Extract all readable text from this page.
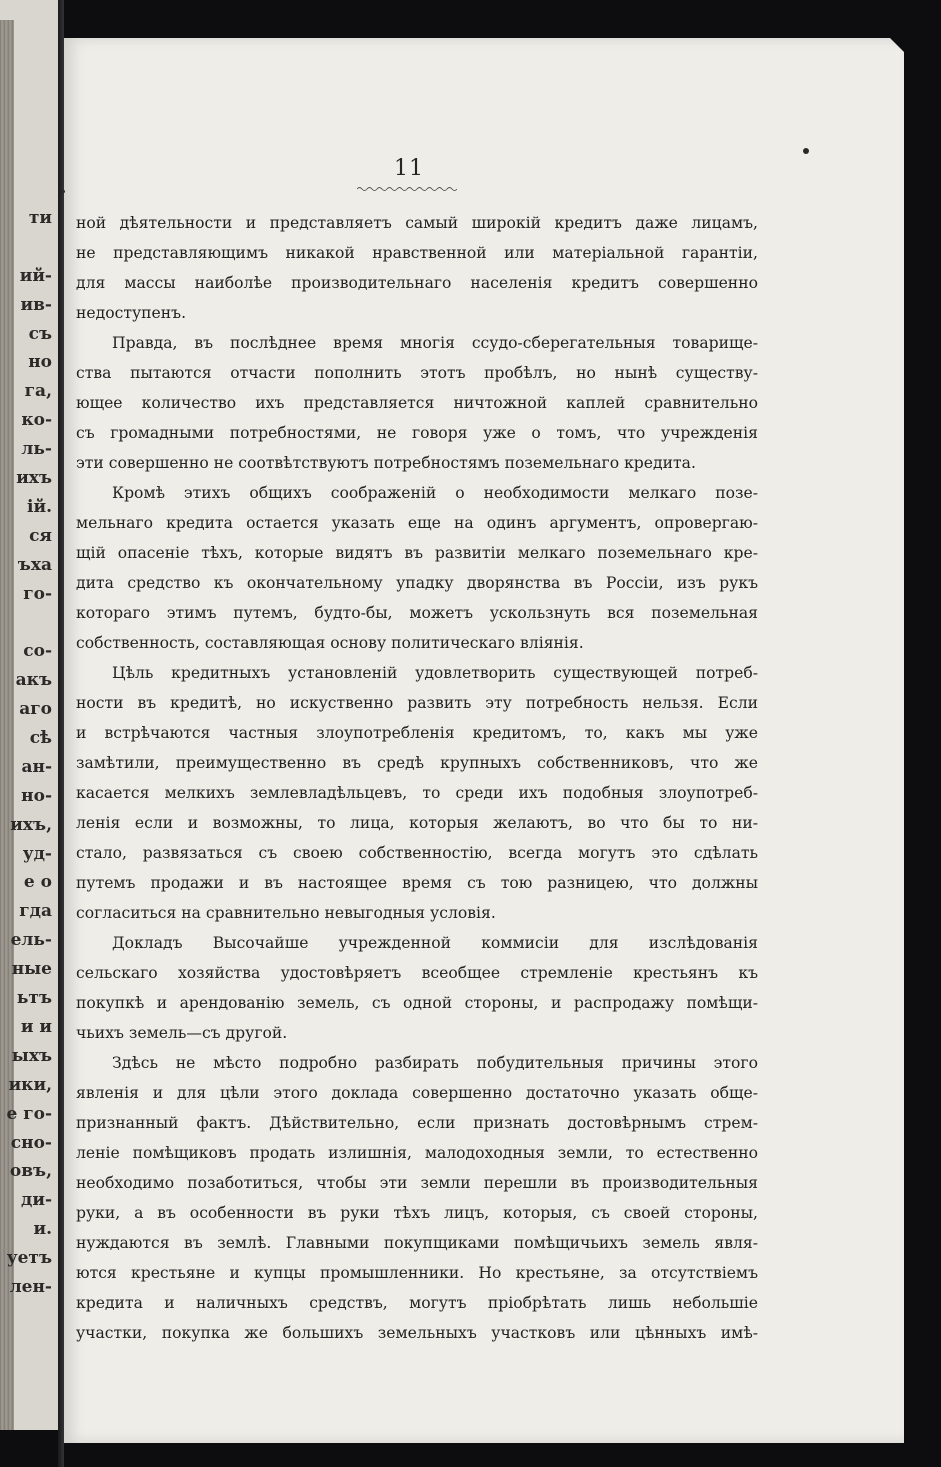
ти
ий-
ив-
съ
но
га,
ко-
ль-
ихъ
ій.
ся
ъха
го-
со-
акъ
аго
сѣ
ан-
но-
ихъ,
уд-
е о
гда
ель-
ные
ьтъ
и и
ыхъ
ики,
е го-
сно-
овъ,
ди-
и.
уетъ
лен-
11
ной дѣятельности и представляетъ самый широкій кредитъ даже лицамъ,
не представляющимъ никакой нравственной или матеріальной гарантіи,
для массы наиболѣе производительнаго населенія кредитъ совершенно
недоступенъ.
Правда, въ послѣднее время многія ссудо-сберегательныя товарище-
ства пытаются отчасти пополнить этотъ пробѣлъ, но нынѣ существу-
ющее количество ихъ представляется ничтожной каплей сравнительно
съ громадными потребностями, не говоря уже о томъ, что учрежденія
эти совершенно не соотвѣтствуютъ потребностямъ поземельнаго кредита.
Кромѣ этихъ общихъ соображеній о необходимости мелкаго позе-
мельнаго кредита остается указать еще на одинъ аргументъ, опровергаю-
щій опасеніе тѣхъ, которые видятъ въ развитіи мелкаго поземельнаго кре-
дита средство къ окончательному упадку дворянства въ Россіи, изъ рукъ
котораго этимъ путемъ, будто-бы, можетъ ускользнуть вся поземельная
собственность, составляющая основу политическаго вліянія.
Цѣль кредитныхъ установленій удовлетворить существующей потреб-
ности въ кредитѣ, но искуственно развить эту потребность нельзя. Если
и встрѣчаются частныя злоупотребленія кредитомъ, то, какъ мы уже
замѣтили, преимущественно въ средѣ крупныхъ собственниковъ, что же
касается мелкихъ землевладѣльцевъ, то среди ихъ подобныя злоупотреб-
ленія если и возможны, то лица, которыя желаютъ, во что бы то ни-
стало, развязаться съ своею собственностію, всегда могутъ это сдѣлать
путемъ продажи и въ настоящее время съ тою разницею, что должны
согласиться на сравнительно невыгодныя условія.
Докладъ Высочайше учрежденной коммисіи для изслѣдованія
сельскаго хозяйства удостовѣряетъ всеобщее стремленіе крестьянъ къ
покупкѣ и арендованію земель, съ одной стороны, и распродажу помѣщи-
чьихъ земель—съ другой.
Здѣсь не мѣсто подробно разбирать побудительныя причины этого
явленія и для цѣли этого доклада совершенно достаточно указать обще-
признанный фактъ. Дѣйствительно, если признать достовѣрнымъ стрем-
леніе помѣщиковъ продать излишнія, малодоходныя земли, то естественно
необходимо позаботиться, чтобы эти земли перешли въ производительныя
руки, а въ особенности въ руки тѣхъ лицъ, которыя, съ своей стороны,
нуждаются въ землѣ. Главными покупщиками помѣщичьихъ земель явля-
ются крестьяне и купцы промышленники. Но крестьяне, за отсутствіемъ
кредита и наличныхъ средствъ, могутъ пріобрѣтать лишь небольшіе
участки, покупка же большихъ земельныхъ участковъ или цѣнныхъ имѣ-
